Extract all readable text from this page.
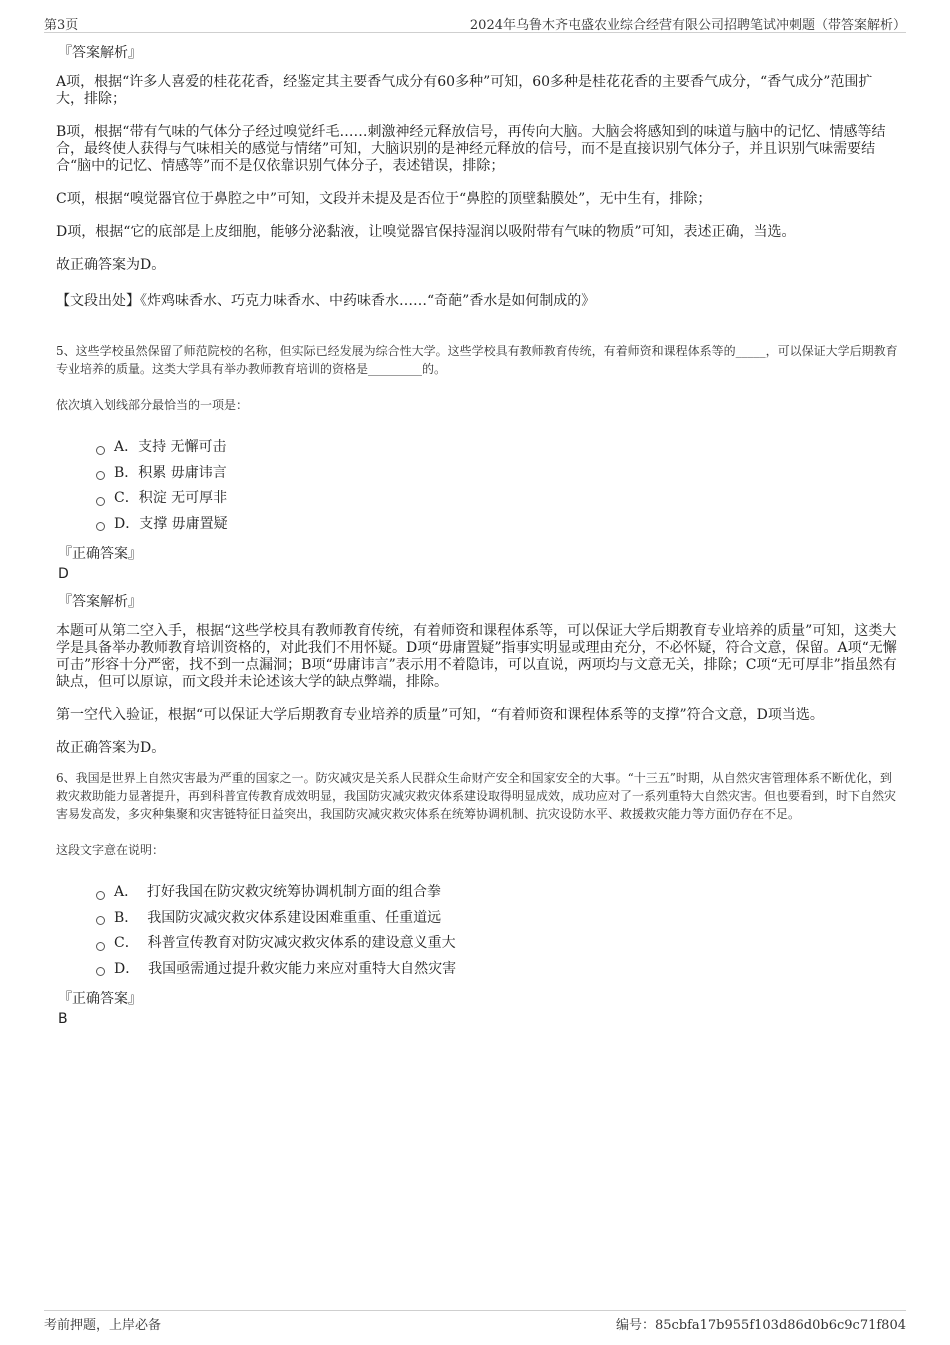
第3页	2024年乌鲁木齐屯盛农业综合经营有限公司招聘笔试冲刺题（带答案解析）
『答案解析』

A项，根据“许多人喜爱的桂花花香，经鉴定其主要香气成分有60多种”可知，60多种是桂花花香的主要香气成分，“香气成分”范围扩大，排除；

B项，根据“带有气味的气体分子经过嗅觉纤毛……刺激神经元释放信号，再传向大脑。大脑会将感知到的味道与脑中的记忆、情感等结合，最终使人获得与气味相关的感觉与情绪”可知，大脑识别的是神经元释放的信号，而不是直接识别气体分子，并且识别气味需要结合“脑中的记忆、情感等”而不是仅依靠识别气体分子，表述错误，排除；

C项，根据“嗅觉器官位于鼻腔之中”可知，文段并未提及是否位于“鼻腔的顶壁黏膜处”，无中生有，排除；

D项，根据“它的底部是上皮细胞，能够分泌黏液，让嗅觉器官保持湿润以吸附带有气味的物质”可知，表述正确，当选。

故正确答案为D。

【文段出处】《炸鸡味香水、巧克力味香水、中药味香水……“奇葩”香水是如何制成的》

5、这些学校虽然保留了师范院校的名称，但实际已经发展为综合性大学。这些学校具有教师教育传统，有着师资和课程体系等的_____，可以保证大学后期教育专业培养的质量。这类大学具有举办教师教育培训的资格是_________的。

依次填入划线部分最恰当的一项是：

A．支持 无懈可击
B．积累 毋庸讳言
C．积淀 无可厚非
D．支撑 毋庸置疑
『正确答案』
D
『答案解析』

本题可从第二空入手，根据“这些学校具有教师教育传统，有着师资和课程体系等，可以保证大学后期教育专业培养的质量”可知，这类大学是具备举办教师教育培训资格的，对此我们不用怀疑。D项“毋庸置疑”指事实明显或理由充分，不必怀疑，符合文意，保留。A项“无懈可击”形容十分严密，找不到一点漏洞；B项“毋庸讳言”表示用不着隐讳，可以直说，两项均与文意无关，排除；C项“无可厚非”指虽然有缺点，但可以原谅，而文段并未论述该大学的缺点弊端，排除。

第一空代入验证，根据“可以保证大学后期教育专业培养的质量”可知，“有着师资和课程体系等的支撑”符合文意，D项当选。

故正确答案为D。

6、我国是世界上自然灾害最为严重的国家之一。防灾减灾是关系人民群众生命财产安全和国家安全的大事。“十三五”时期，从自然灾害管理体系不断优化，到救灾救助能力显著提升，再到科普宣传教育成效明显，我国防灾减灾救灾体系建设取得明显成效，成功应对了一系列重特大自然灾害。但也要看到，时下自然灾害易发高发，多灾种集聚和灾害链特征日益突出，我国防灾减灾救灾体系在统筹协调机制、抗灾设防水平、救援救灾能力等方面仍存在不足。

这段文字意在说明：

A．  打好我国在防灾救灾统筹协调机制方面的组合拳
B．  我国防灾减灾救灾体系建设困难重重、任重道远
C．  科普宣传教育对防灾减灾救灾体系的建设意义重大
D．  我国亟需通过提升救灾能力来应对重特大自然灾害
『正确答案』
B
考前押题，上岸必备	编号：85cbfa17b955f103d86d0b6c9c71f804
